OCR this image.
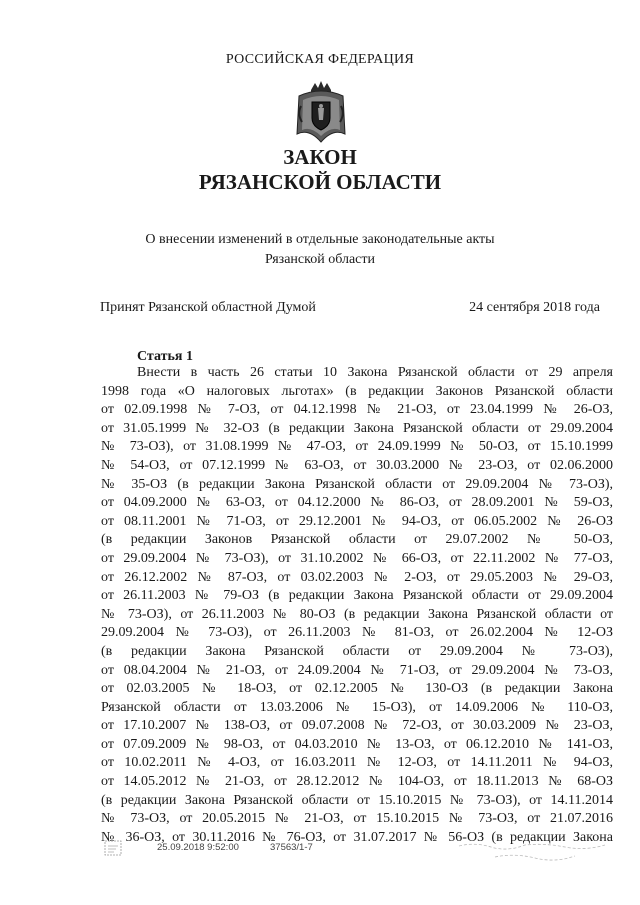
РОССИЙСКАЯ ФЕДЕРАЦИЯ
ЗАКОН
РЯЗАНСКОЙ ОБЛАСТИ
О внесении изменений в отдельные законодательные акты
Рязанской области
Принят Рязанской областной Думой	24 сентября 2018 года
Статья 1
Внести в часть 26 статьи 10 Закона Рязанской области от 29 апреля
1998 года «О налоговых льготах» (в редакции Законов Рязанской области
от 02.09.1998 № 7-ОЗ, от 04.12.1998 № 21-ОЗ, от 23.04.1999 № 26-ОЗ,
от 31.05.1999 № 32-ОЗ (в редакции Закона Рязанской области от 29.09.2004
№ 73-ОЗ), от 31.08.1999 № 47-ОЗ, от 24.09.1999 № 50-ОЗ, от 15.10.1999
№ 54-ОЗ, от 07.12.1999 № 63-ОЗ, от 30.03.2000 № 23-ОЗ, от 02.06.2000
№ 35-ОЗ (в редакции Закона Рязанской области от 29.09.2004 № 73-ОЗ),
от 04.09.2000 № 63-ОЗ, от 04.12.2000 № 86-ОЗ, от 28.09.2001 № 59-ОЗ,
от 08.11.2001 № 71-ОЗ, от 29.12.2001 № 94-ОЗ, от 06.05.2002 № 26-ОЗ
(в редакции Законов Рязанской области от 29.07.2002 № 50-ОЗ,
от 29.09.2004 № 73-ОЗ), от 31.10.2002 № 66-ОЗ, от 22.11.2002 № 77-ОЗ,
от 26.12.2002 № 87-ОЗ, от 03.02.2003 № 2-ОЗ, от 29.05.2003 № 29-ОЗ,
от 26.11.2003 № 79-ОЗ (в редакции Закона Рязанской области от 29.09.2004
№ 73-ОЗ), от 26.11.2003 № 80-ОЗ (в редакции Закона Рязанской области от
29.09.2004 № 73-ОЗ), от 26.11.2003 № 81-ОЗ, от 26.02.2004 № 12-ОЗ
(в редакции Закона Рязанской области от 29.09.2004 № 73-ОЗ),
от 08.04.2004 № 21-ОЗ, от 24.09.2004 № 71-ОЗ, от 29.09.2004 № 73-ОЗ,
от 02.03.2005 № 18-ОЗ, от 02.12.2005 № 130-ОЗ (в редакции Закона
Рязанской области от 13.03.2006 № 15-ОЗ), от 14.09.2006 № 110-ОЗ,
от 17.10.2007 № 138-ОЗ, от 09.07.2008 № 72-ОЗ, от 30.03.2009 № 23-ОЗ,
от 07.09.2009 № 98-ОЗ, от 04.03.2010 № 13-ОЗ, от 06.12.2010 № 141-ОЗ,
от 10.02.2011 № 4-ОЗ, от 16.03.2011 № 12-ОЗ, от 14.11.2011 № 94-ОЗ,
от 14.05.2012 № 21-ОЗ, от 28.12.2012 № 104-ОЗ, от 18.11.2013 № 68-ОЗ
(в редакции Закона Рязанской области от 15.10.2015 № 73-ОЗ), от 14.11.2014
№ 73-ОЗ, от 20.05.2015 № 21-ОЗ, от 15.10.2015 № 73-ОЗ, от 21.07.2016
№ 36-ОЗ, от 30.11.2016 № 76-ОЗ, от 31.07.2017 № 56-ОЗ (в редакции Закона
25.09.2018 9:52:00	37563/1-7
